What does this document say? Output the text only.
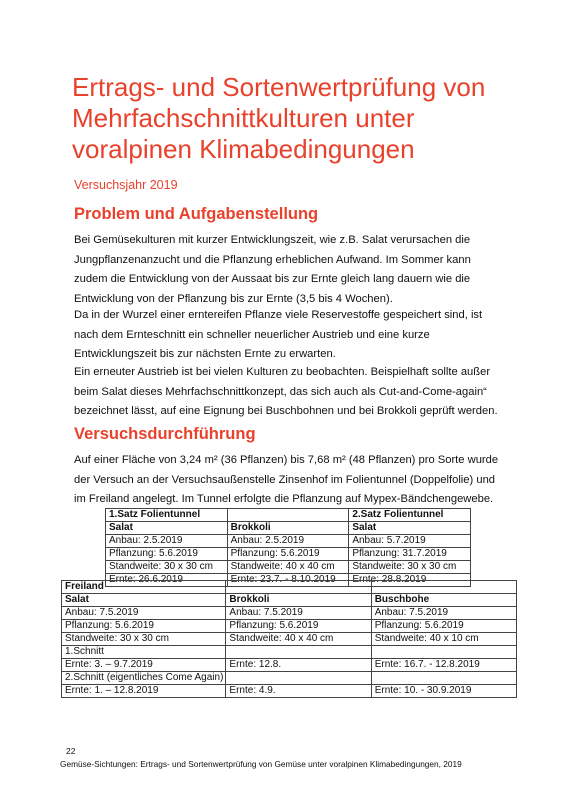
Ertrags- und Sortenwertprüfung von
Mehrfachschnittkulturen unter
voralpinen Klimabedingungen
Versuchsjahr 2019
Problem und Aufgabenstellung

Bei Gemüsekulturen mit kurzer Entwicklungszeit, wie z.B. Salat verursachen die
Jungpflanzenanzucht und die Pflanzung erheblichen Aufwand. Im Sommer kann
zudem die Entwicklung von der Aussaat bis zur Ernte gleich lang dauern wie die
Entwicklung von der Pflanzung bis zur Ernte (3,5 bis 4 Wochen).

Da in der Wurzel einer erntereifen Pflanze viele Reservestoffe gespeichert sind, ist
nach dem Ernteschnitt ein schneller neuerlicher Austrieb und eine kurze
Entwicklungszeit bis zur nächsten Ernte zu erwarten.

Ein erneuter Austrieb ist bei vielen Kulturen zu beobachten. Beispielhaft sollte außer
beim Salat dieses Mehrfachschnittkonzept, das sich auch als Cut-and-Come-again“
bezeichnet lässt, auf eine Eignung bei Buschbohnen und bei Brokkoli geprüft werden.

Versuchsdurchführung

Auf einer Fläche von 3,24 m² (36 Pflanzen) bis 7,68 m² (48 Pflanzen) pro Sorte wurde
der Versuch an der Versuchsaußenstelle Zinsenhof im Folientunnel (Doppelfolie) und
im Freiland angelegt. Im Tunnel erfolgte die Pflanzung auf Mypex-Bändchengewebe.

1.Satz Folientunnel		2.Satz Folientunnel
Salat	Brokkoli	Salat
Anbau: 2.5.2019	Anbau: 2.5.2019	Anbau: 5.7.2019
Pflanzung: 5.6.2019	Pflanzung: 5.6.2019	Pflanzung: 31.7.2019
Standweite: 30 x 30 cm	Standweite: 40 x 40 cm	Standweite: 30 x 30 cm
Ernte: 26.6.2019	Ernte: 23.7. - 8.10.2019	Ernte: 28.8.2019
Freiland		
Salat	Brokkoli	Buschbohe
Anbau: 7.5.2019	Anbau: 7.5.2019	Anbau: 7.5.2019
Pflanzung: 5.6.2019	Pflanzung: 5.6.2019	Pflanzung: 5.6.2019
Standweite: 30 x 30 cm	Standweite: 40 x 40 cm	Standweite: 40 x 10 cm
1.Schnitt		
Ernte: 3. – 9.7.2019	Ernte: 12.8.	Ernte: 16.7. - 12.8.2019
2.Schnitt (eigentliches Come Again)		
Ernte: 1. – 12.8.2019	Ernte: 4.9.	Ernte: 10. - 30.9.2019
22
Gemüse-Sichtungen: Ertrags- und Sortenwertprüfung von Gemüse unter voralpinen Klimabedingungen, 2019
